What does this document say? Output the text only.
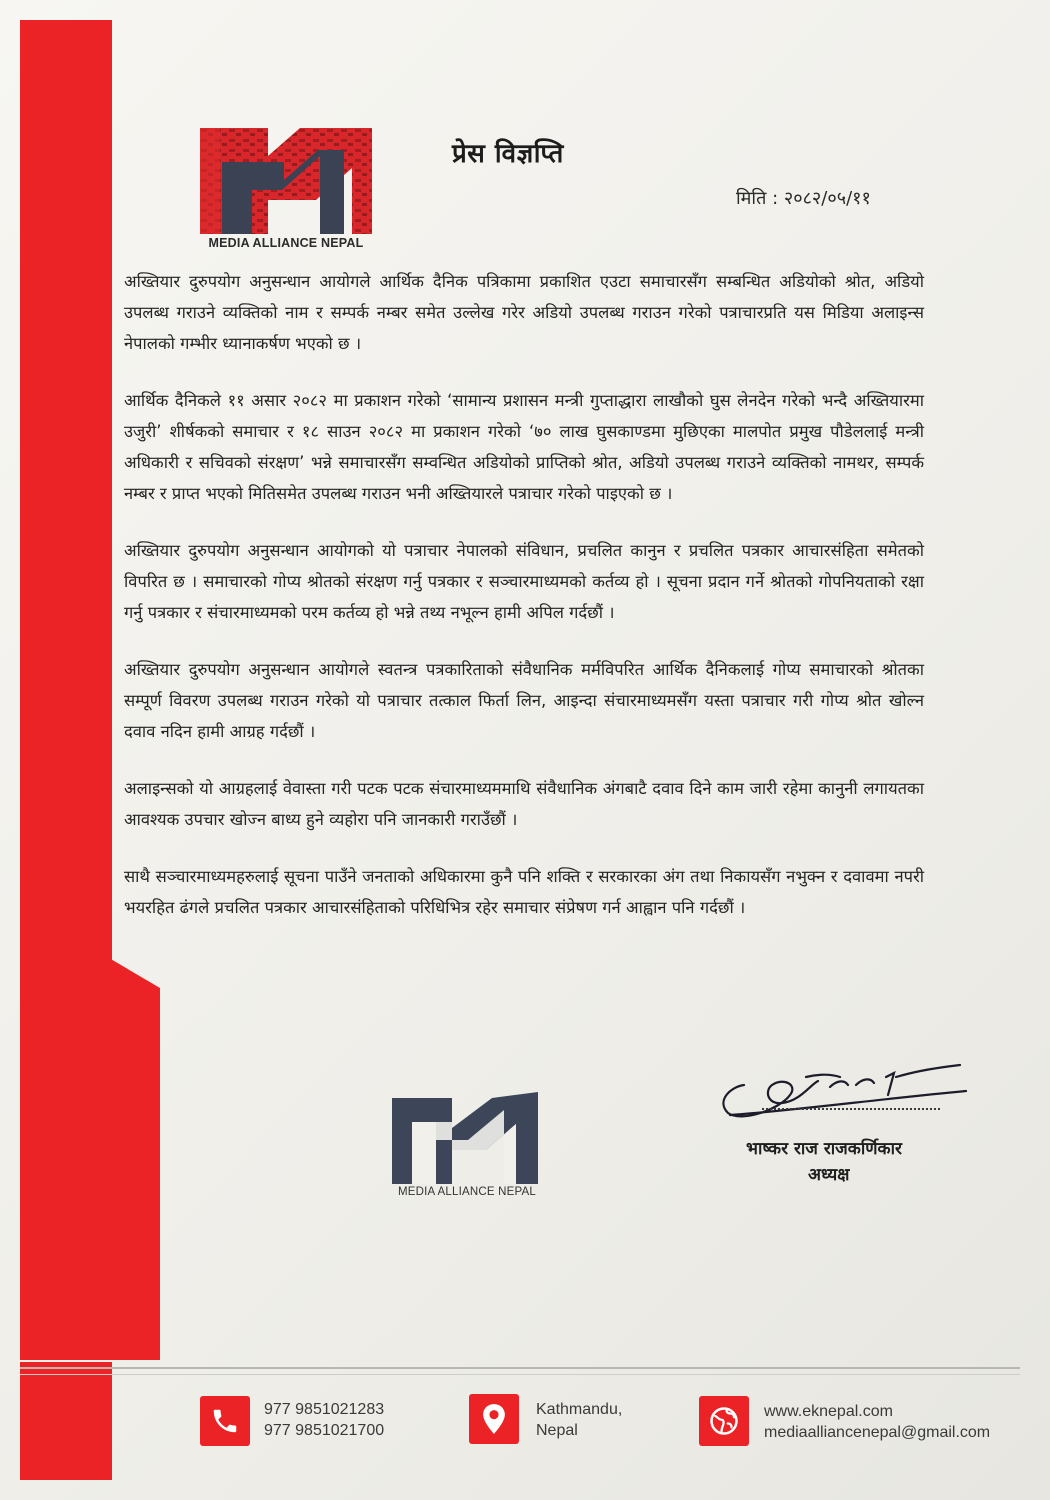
MEDIA ALLIANCE NEPAL
प्रेस विज्ञप्ति
मिति : २०८२/०५/११

अख्तियार दुरुपयोग अनुसन्धान आयोगले आर्थिक दैनिक पत्रिकामा प्रकाशित एउटा समाचारसँग सम्बन्धित अडियोको श्रोत, अडियो उपलब्ध गराउने व्यक्तिको नाम र सम्पर्क नम्बर समेत उल्लेख गरेर अडियो उपलब्ध गराउन गरेको पत्राचारप्रति यस मिडिया अलाइन्स नेपालको गम्भीर ध्यानाकर्षण भएको छ ।

आर्थिक दैनिकले ११ असार २०८२ मा प्रकाशन गरेको ‘सामान्य प्रशासन मन्त्री गुप्ताद्धारा लाखौको घुस लेनदेन गरेको भन्दै अख्तियारमा उजुरी’ शीर्षकको समाचार र १८ साउन २०८२ मा प्रकाशन गरेको ‘७० लाख घुसकाण्डमा मुछिएका मालपोत प्रमुख पौडेललाई मन्त्री अधिकारी र सचिवको संरक्षण’ भन्ने समाचारसँग सम्वन्धित अडियोको प्राप्तिको श्रोत, अडियो उपलब्ध गराउने व्यक्तिको नामथर, सम्पर्क नम्बर र प्राप्त भएको मितिसमेत उपलब्ध गराउन भनी अख्तियारले पत्राचार गरेको पाइएको छ ।

अख्तियार दुरुपयोग अनुसन्धान आयोगको यो पत्राचार नेपालको संविधान, प्रचलित कानुन र प्रचलित पत्रकार आचारसंहिता समेतको विपरित छ । समाचारको गोप्य श्रोतको संरक्षण गर्नु पत्रकार र सञ्चारमाध्यमको कर्तव्य हो । सूचना प्रदान गर्ने श्रोतको गोपनियताको रक्षा गर्नु पत्रकार र संचारमाध्यमको परम कर्तव्य हो भन्ने तथ्य नभूल्न हामी अपिल गर्दछौं ।

अख्तियार दुरुपयोग अनुसन्धान आयोगले स्वतन्त्र पत्रकारिताको संवैधानिक मर्मविपरित आर्थिक दैनिकलाई गोप्य समाचारको श्रोतका सम्पूर्ण विवरण उपलब्ध गराउन गरेको यो पत्राचार तत्काल फिर्ता लिन, आइन्दा संचारमाध्यमसँग यस्ता पत्राचार गरी गोप्य श्रोत खोल्न दवाव नदिन हामी आग्रह गर्दछौं ।

अलाइन्सको यो आग्रहलाई वेवास्ता गरी पटक पटक संचारमाध्यममाथि संवैधानिक अंगबाटै दवाव दिने काम जारी रहेमा कानुनी लगायतका आवश्यक उपचार खोज्न बाध्य हुने व्यहोरा पनि जानकारी गराउँछौं ।

साथै सञ्चारमाध्यमहरुलाई सूचना पाउँने जनताको अधिकारमा कुनै पनि शक्ति र सरकारका अंग तथा निकायसँग नभुक्न र दवावमा नपरी भयरहित ढंगले प्रचलित पत्रकार आचारसंहिताको परिधिभित्र रहेर समाचार संप्रेषण गर्न आह्वान पनि गर्दछौं ।

MEDIA ALLIANCE NEPAL
भाष्कर राज राजकर्णिकार
अध्यक्ष
977 9851021283
977 9851021700
Kathmandu,
Nepal
www.eknepal.com
mediaalliancenepal@gmail.com
